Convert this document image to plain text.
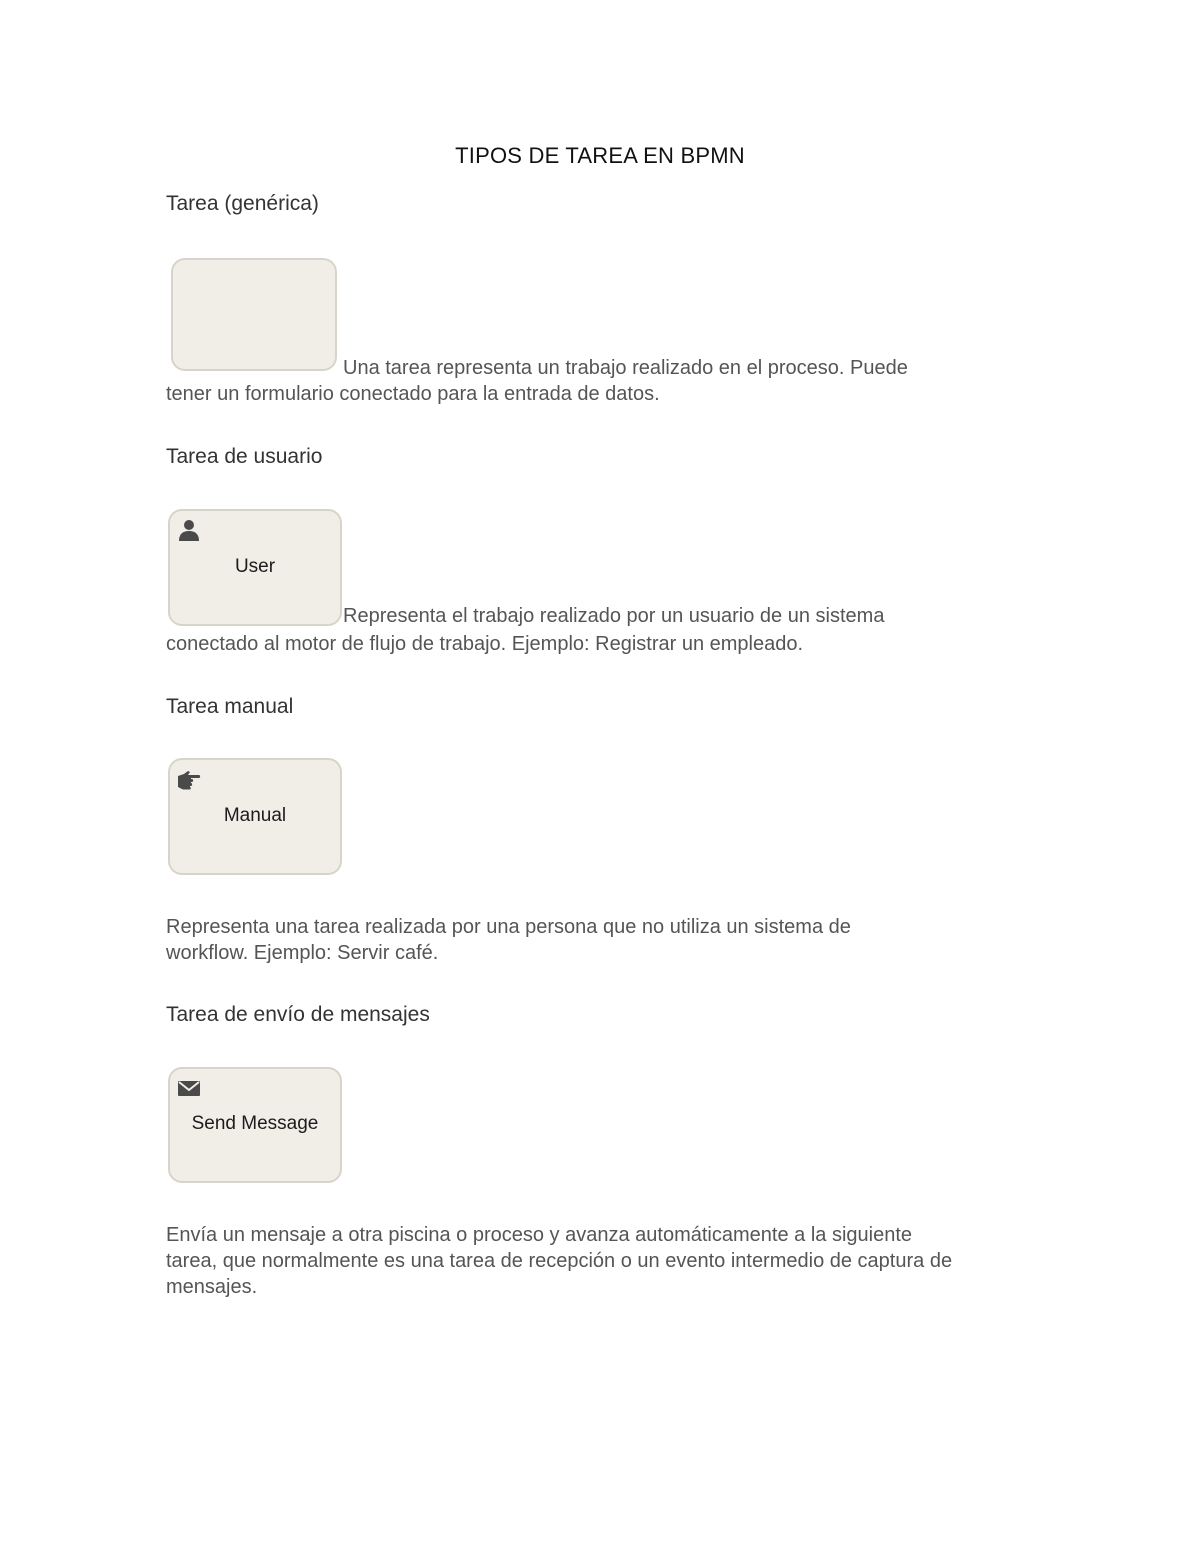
TIPOS DE TAREA EN BPMN
Tarea (genérica)
Una tarea representa un trabajo realizado en el proceso. Puede
tener un formulario conectado para la entrada de datos.
Tarea de usuario
User
Representa el trabajo realizado por un usuario de un sistema
conectado al motor de flujo de trabajo. Ejemplo: Registrar un empleado.
Tarea manual
Manual
Representa una tarea realizada por una persona que no utiliza un sistema de
workflow. Ejemplo: Servir café.
Tarea de envío de mensajes
Send Message
Envía un mensaje a otra piscina o proceso y avanza automáticamente a la siguiente
tarea, que normalmente es una tarea de recepción o un evento intermedio de captura de mensajes.
